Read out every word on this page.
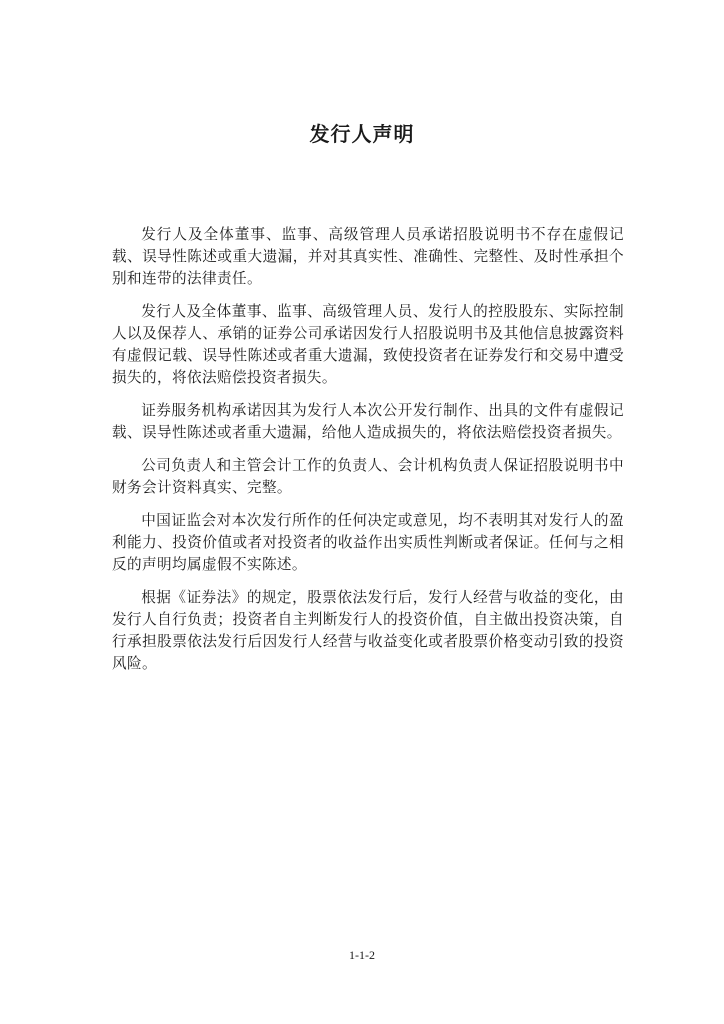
发行人声明

发行人及全体董事、监事、高级管理人员承诺招股说明书不存在虚假记载、误导性陈述或重大遗漏，并对其真实性、准确性、完整性、及时性承担个别和连带的法律责任。

发行人及全体董事、监事、高级管理人员、发行人的控股股东、实际控制人以及保荐人、承销的证券公司承诺因发行人招股说明书及其他信息披露资料有虚假记载、误导性陈述或者重大遗漏，致使投资者在证券发行和交易中遭受损失的，将依法赔偿投资者损失。

证券服务机构承诺因其为发行人本次公开发行制作、出具的文件有虚假记载、误导性陈述或者重大遗漏，给他人造成损失的，将依法赔偿投资者损失。

公司负责人和主管会计工作的负责人、会计机构负责人保证招股说明书中财务会计资料真实、完整。

中国证监会对本次发行所作的任何决定或意见，均不表明其对发行人的盈利能力、投资价值或者对投资者的收益作出实质性判断或者保证。任何与之相反的声明均属虚假不实陈述。

根据《证券法》的规定，股票依法发行后，发行人经营与收益的变化，由发行人自行负责；投资者自主判断发行人的投资价值，自主做出投资决策，自行承担股票依法发行后因发行人经营与收益变化或者股票价格变动引致的投资风险。

1-1-2
